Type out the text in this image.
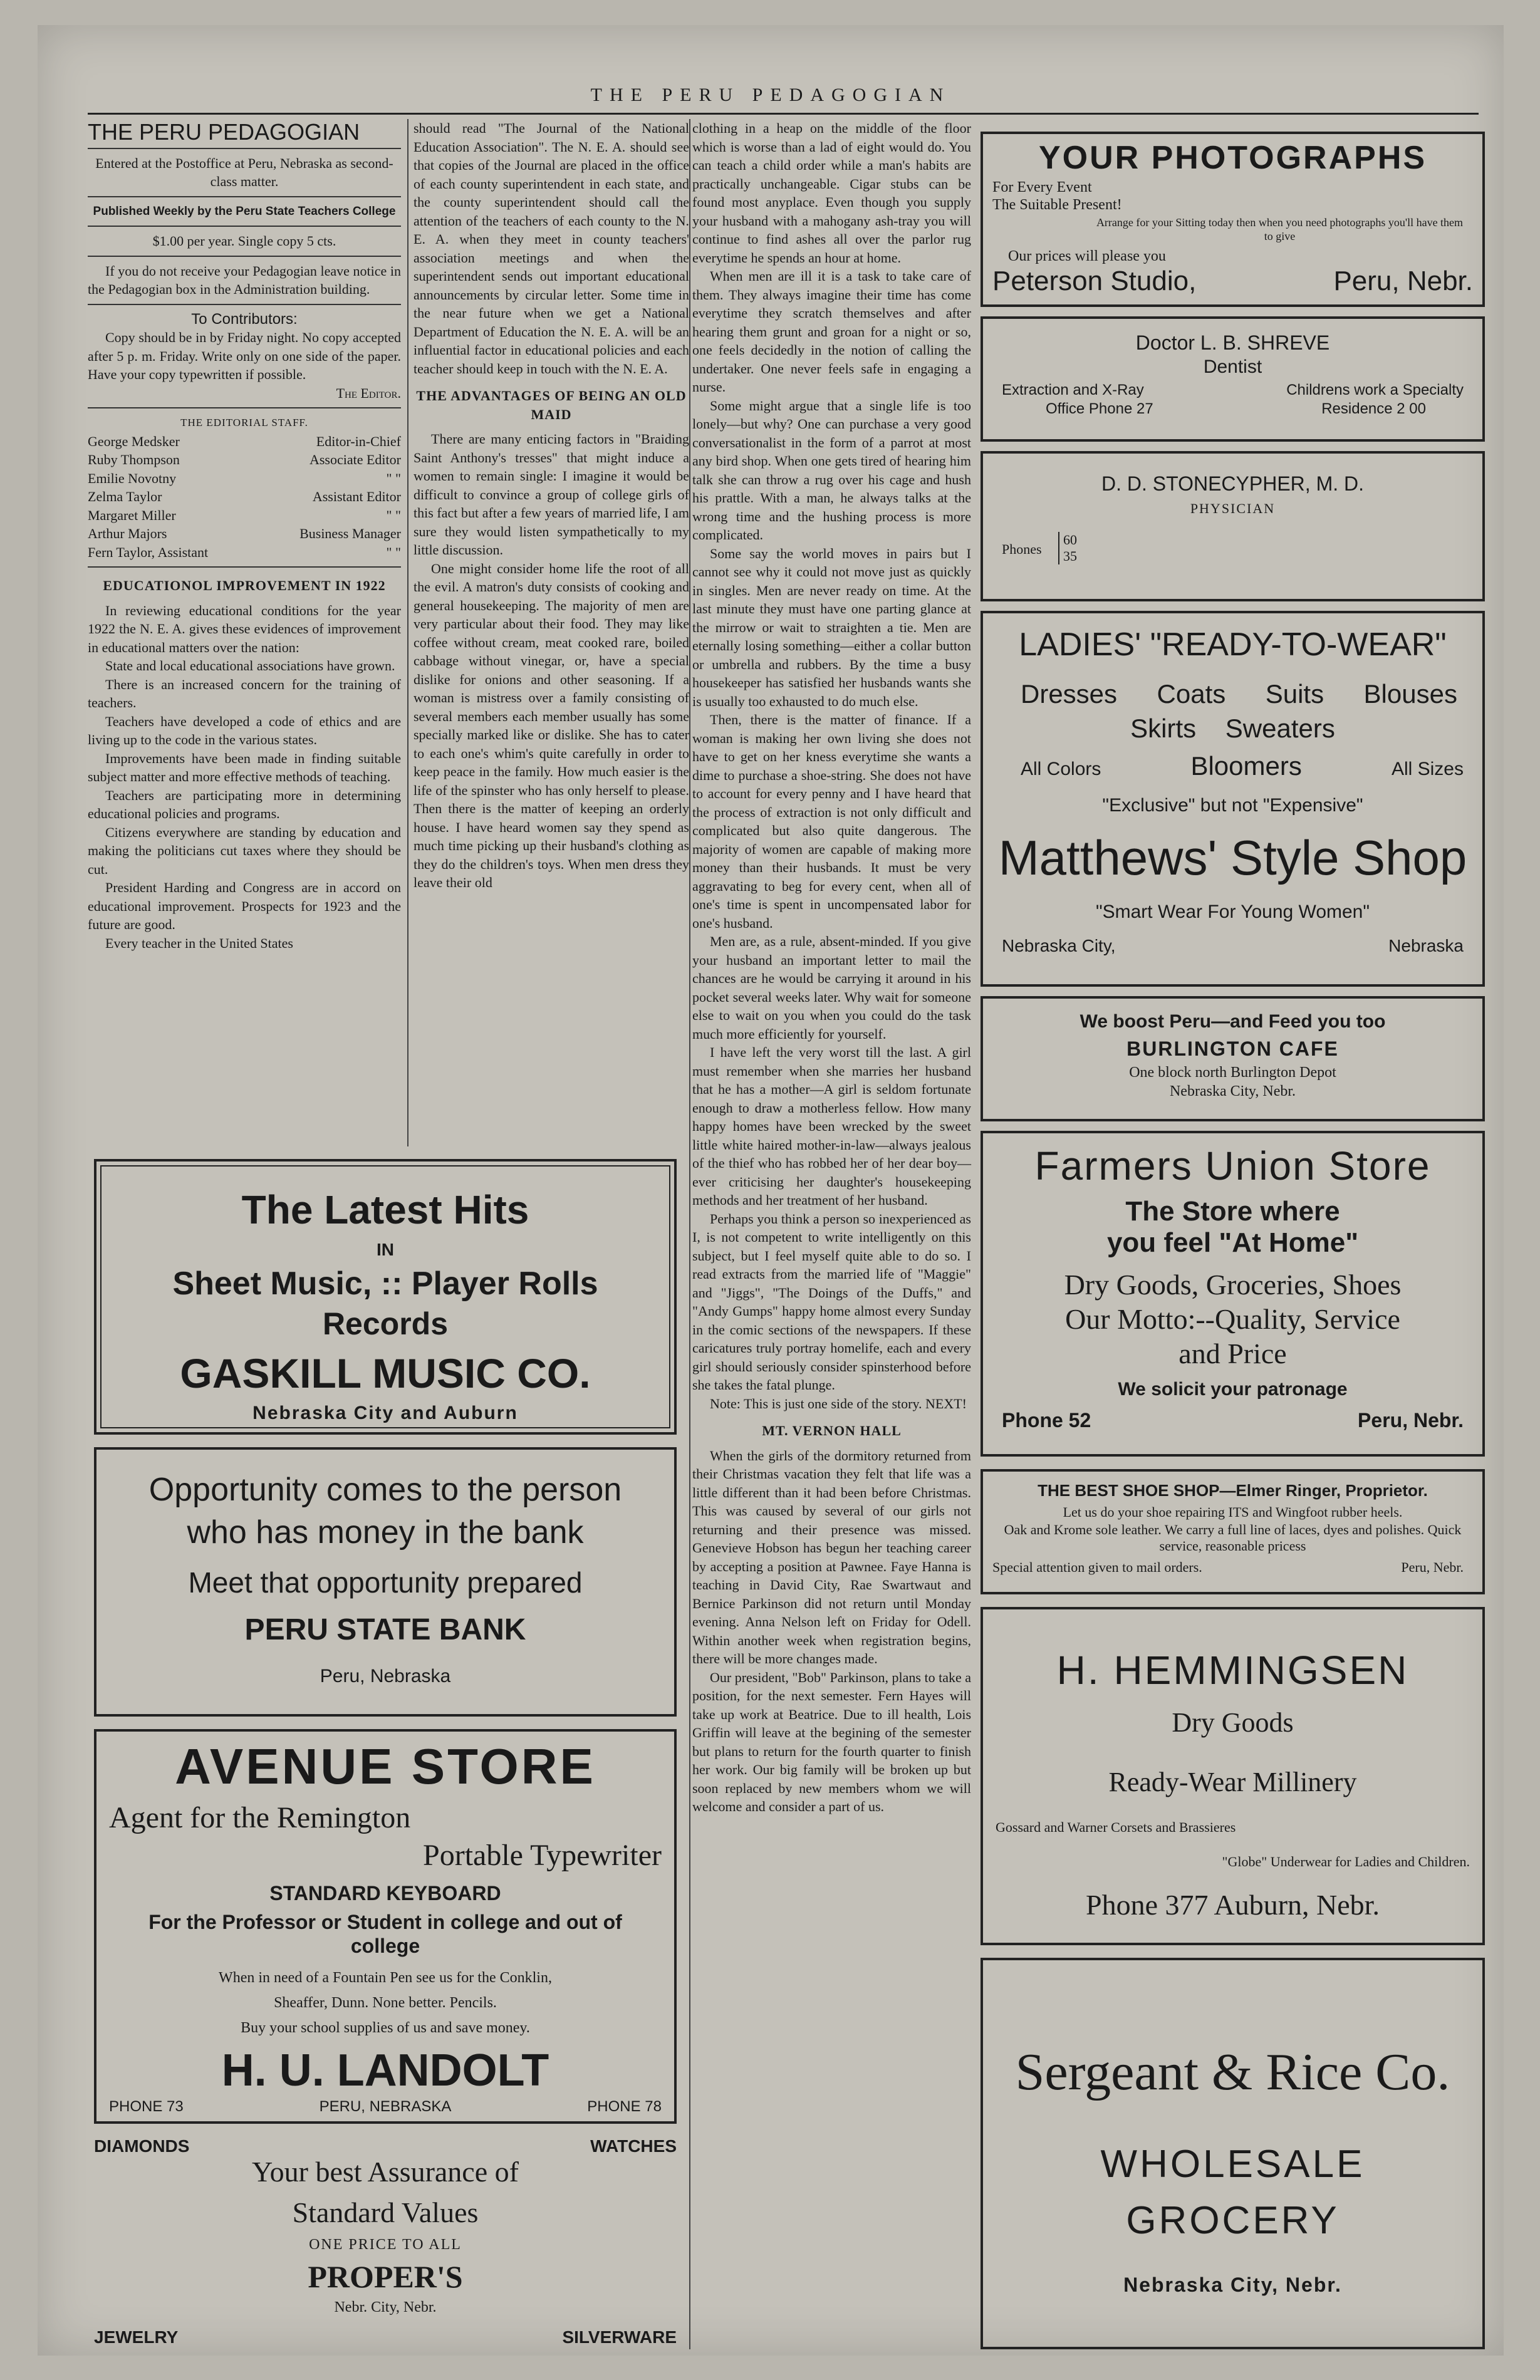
THE PERU PEDAGOGIAN
THE PERU PEDAGOGIAN

Entered at the Postoffice at Peru, Nebraska as second-class matter.

Published Weekly by the Peru State Teachers College

$1.00 per year. Single copy 5 cts.

If you do not receive your Pedagogian leave notice in the Pedagogian box in the Administration building.

To Contributors:

Copy should be in by Friday night. No copy accepted after 5 p. m. Friday. Write only on one side of the paper. Have your copy typewritten if possible.

The Editor.

THE EDITORIAL STAFF.

George Medsker	Editor-in-Chief
Ruby Thompson	Associate Editor
Emilie Novotny	" "
Zelma Taylor	Assistant Editor
Margaret Miller	" "
Arthur Majors	Business Manager
Fern Taylor, Assistant	" "
EDUCATIONOL IMPROVEMENT IN 1922

In reviewing educational conditions for the year 1922 the N. E. A. gives these evidences of improvement in educational matters over the nation:

State and local educational associations have grown.

There is an increased concern for the training of teachers.

Teachers have developed a code of ethics and are living up to the code in the various states.

Improvements have been made in finding suitable subject matter and more effective methods of teaching.

Teachers are participating more in determining educational policies and programs.

Citizens everywhere are standing by education and making the politicians cut taxes where they should be cut.

President Harding and Congress are in accord on educational improvement. Prospects for 1923 and the future are good.

Every teacher in the United States

should read "The Journal of the National Education Association". The N. E. A. should see that copies of the Journal are placed in the office of each county superintendent in each state, and the county superintendent should call the attention of the teachers of each county to the N. E. A. when they meet in county teachers' association meetings and when the superintendent sends out important educational announcements by circular letter. Some time in the near future when we get a National Department of Education the N. E. A. will be an influential factor in educational policies and each teacher should keep in touch with the N. E. A.

THE ADVANTAGES OF BEING AN OLD MAID

There are many enticing factors in "Braiding Saint Anthony's tresses" that might induce a women to remain single: I imagine it would be difficult to convince a group of college girls of this fact but after a few years of married life, I am sure they would listen sympathetically to my little discussion.

One might consider home life the root of all the evil. A matron's duty consists of cooking and general housekeeping. The majority of men are very particular about their food. They may like coffee without cream, meat cooked rare, boiled cabbage without vinegar, or, have a special dislike for onions and other seasoning. If a woman is mistress over a family consisting of several members each member usually has some specially marked like or dislike. She has to cater to each one's whim's quite carefully in order to keep peace in the family. How much easier is the life of the spinster who has only herself to please. Then there is the matter of keeping an orderly house. I have heard women say they spend as much time picking up their husband's clothing as they do the children's toys. When men dress they leave their old

clothing in a heap on the middle of the floor which is worse than a lad of eight would do. You can teach a child order while a man's habits are practically unchangeable. Cigar stubs can be found most anyplace. Even though you supply your husband with a mahogany ash-tray you will continue to find ashes all over the parlor rug everytime he spends an hour at home.

When men are ill it is a task to take care of them. They always imagine their time has come everytime they scratch themselves and after hearing them grunt and groan for a night or so, one feels decidedly in the notion of calling the undertaker. One never feels safe in engaging a nurse.

Some might argue that a single life is too lonely—but why? One can purchase a very good conversationalist in the form of a parrot at most any bird shop. When one gets tired of hearing him talk she can throw a rug over his cage and hush his prattle. With a man, he always talks at the wrong time and the hushing process is more complicated.

Some say the world moves in pairs but I cannot see why it could not move just as quickly in singles. Men are never ready on time. At the last minute they must have one parting glance at the mirrow or wait to straighten a tie. Men are eternally losing something—either a collar button or umbrella and rubbers. By the time a busy housekeeper has satisfied her husbands wants she is usually too exhausted to do much else.

Then, there is the matter of finance. If a woman is making her own living she does not have to get on her kness everytime she wants a dime to purchase a shoe-string. She does not have to account for every penny and I have heard that the process of extraction is not only difficult and complicated but also quite dangerous. The majority of women are capable of making more money than their husbands. It must be very aggravating to beg for every cent, when all of one's time is spent in uncompensated labor for one's husband.

Men are, as a rule, absent-minded. If you give your husband an important letter to mail the chances are he would be carrying it around in his pocket several weeks later. Why wait for someone else to wait on you when you could do the task much more efficiently for yourself.

I have left the very worst till the last. A girl must remember when she marries her husband that he has a mother—A girl is seldom fortunate enough to draw a motherless fellow. How many happy homes have been wrecked by the sweet little white haired mother-in-law—always jealous of the thief who has robbed her of her dear boy—ever criticising her daughter's housekeeping methods and her treatment of her husband.

Perhaps you think a person so inexperienced as I, is not competent to write intelligently on this subject, but I feel myself quite able to do so. I read extracts from the married life of "Maggie" and "Jiggs", "The Doings of the Duffs," and "Andy Gumps" happy home almost every Sunday in the comic sections of the newspapers. If these caricatures truly portray homelife, each and every girl should seriously consider spinsterhood before she takes the fatal plunge.

Note: This is just one side of the story. NEXT!

MT. VERNON HALL

When the girls of the dormitory returned from their Christmas vacation they felt that life was a little different than it had been before Christmas. This was caused by several of our girls not returning and their presence was missed. Genevieve Hobson has begun her teaching career by accepting a position at Pawnee. Faye Hanna is teaching in David City, Rae Swartwaut and Bernice Parkinson did not return until Monday evening. Anna Nelson left on Friday for Odell. Within another week when registration begins, there will be more changes made.

Our president, "Bob" Parkinson, plans to take a position, for the next semester. Fern Hayes will take up work at Beatrice. Due to ill health, Lois Griffin will leave at the begining of the semester but plans to return for the fourth quarter to finish her work. Our big family will be broken up but soon replaced by new members whom we will welcome and consider a part of us.

The Latest Hits
IN
Sheet Music, :: Player Rolls
Records
GASKILL MUSIC CO.
Nebraska City and Auburn
Opportunity comes to the person who has money in the bank
Meet that opportunity prepared
PERU STATE BANK
Peru, Nebraska
AVENUE STORE
Agent for the Remington
Portable Typewriter
STANDARD KEYBOARD
For the Professor or Student in college and out of college
When in need of a Fountain Pen see us for the Conklin,
Sheaffer, Dunn. None better. Pencils.
Buy your school supplies of us and save money.
H. U. LANDOLT
PHONE 73	PERU, NEBRASKA	PHONE 78
DIAMONDS	WATCHES
Your best Assurance of
Standard Values
ONE PRICE TO ALL
PROPER'S
Nebr. City, Nebr.
JEWELRY	SILVERWARE
YOUR PHOTOGRAPHS
For Every Event
The Suitable Present!
Arrange for your Sitting today then when you need photographs you'll have them to give
Our prices will please you
Peterson Studio,	Peru, Nebr.
Doctor L. B. SHREVE
Dentist
Extraction and X-Ray	Childrens work a Specialty
Office Phone 27	Residence 2 00
D. D. STONECYPHER, M. D.
PHYSICIAN
Phones
60
35
LADIES' "READY-TO-WEAR"
Dresses Coats Suits Blouses
Skirts Sweaters
All Colors	Bloomers	All Sizes
"Exclusive" but not "Expensive"
Matthews' Style Shop
"Smart Wear For Young Women"
Nebraska City,	Nebraska
We boost Peru—and Feed you too
BURLINGTON CAFE
One block north Burlington Depot
Nebraska City, Nebr.
Farmers Union Store
The Store where
you feel "At Home"
Dry Goods, Groceries, Shoes
Our Motto:--Quality, Service
and Price
We solicit your patronage
Phone 52	Peru, Nebr.
THE BEST SHOE SHOP—Elmer Ringer, Proprietor.
Let us do your shoe repairing ITS and Wingfoot rubber heels.
Oak and Krome sole leather. We carry a full line of laces, dyes and polishes. Quick service, reasonable pricess
Special attention given to mail orders.	Peru, Nebr.
H. HEMMINGSEN
Dry Goods
Ready-Wear Millinery
Gossard and Warner Corsets and Brassieres
"Globe" Underwear for Ladies and Children.
Phone 377 Auburn, Nebr.
Sergeant & Rice Co.
WHOLESALE
GROCERY
Nebraska City, Nebr.
